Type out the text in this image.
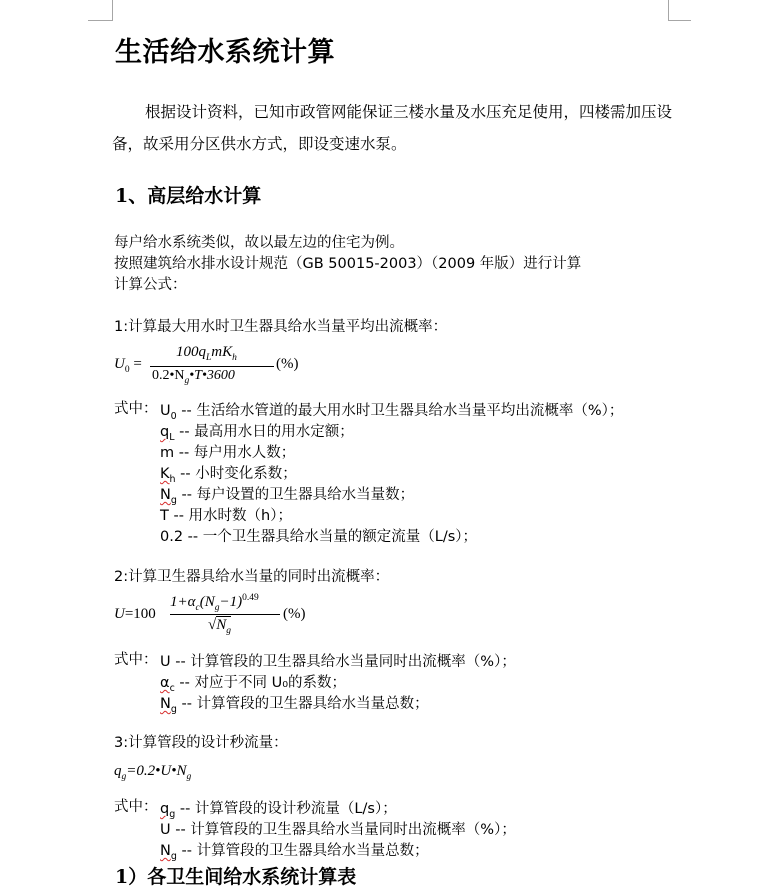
生活给水系统计算
根据设计资料，已知市政管网能保证三楼水量及水压充足使用，四楼需加压设备，故采用分区供水方式，即设变速水泵。
1、高层给水计算
每户给水系统类似，故以最左边的住宅为例。
按照建筑给水排水设计规范（GB 50015-2003）（2009 年版）进行计算
计算公式：
1:计算最大用水时卫生器具给水当量平均出流概率：
$U_0$ =
$100q_LmK_h$
$0.2•N_g•T•3600$
(%)
式中： $U_0$ -- 生活给水管道的最大用水时卫生器具给水当量平均出流概率（%）；
$q_L$ -- 最高用水日的用水定额；
m -- 每户用水人数；
$K_h$ -- 小时变化系数；
$N_g$ -- 每户设置的卫生器具给水当量数；
T -- 用水时数（h）；
0.2 -- 一个卫生器具给水当量的额定流量（L/s）；
2:计算卫生器具给水当量的同时出流概率：
U=100
$1+\alpha_c(N_g-1)^{0.49}$
$√N_g$
(%)
式中： U -- 计算管段的卫生器具给水当量同时出流概率（%）；
$\alpha_c$ -- 对应于不同 U₀的系数；
$N_g$ -- 计算管段的卫生器具给水当量总数；
3:计算管段的设计秒流量：
$q_g=0.2•U•N_g$
式中： $q_g$ -- 计算管段的设计秒流量（L/s）；
U -- 计算管段的卫生器具给水当量同时出流概率（%）；
$N_g$ -- 计算管段的卫生器具给水当量总数；
1）各卫生间给水系统计算表
